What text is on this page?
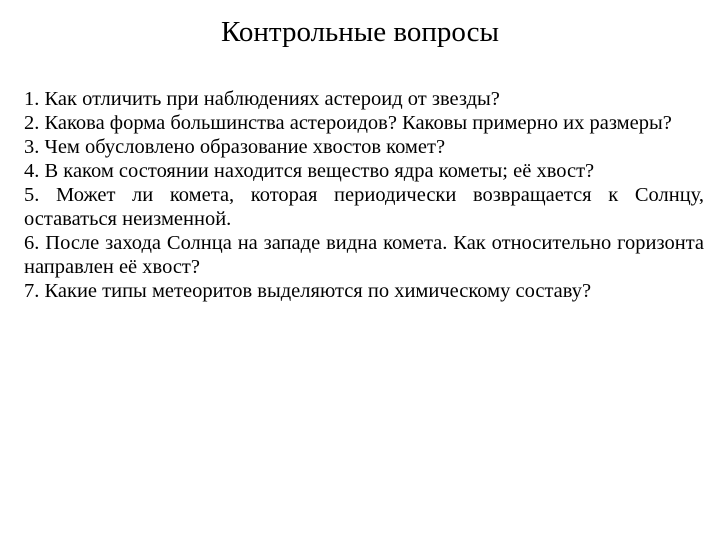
Контрольные вопросы
1. Как отличить при наблюдениях астероид от звезды?
2. Какова форма большинства астероидов? Каковы примерно их размеры?
3. Чем обусловлено образование хвостов комет?
4. В каком состоянии находится вещество ядра кометы; её хвост?
5. Может ли комета, которая периодически возвращается к Солнцу, оставаться неизменной.
6. После захода Солнца на западе видна комета. Как относительно горизонта направлен её хвост?
7. Какие типы метеоритов выделяются по химическому составу?
